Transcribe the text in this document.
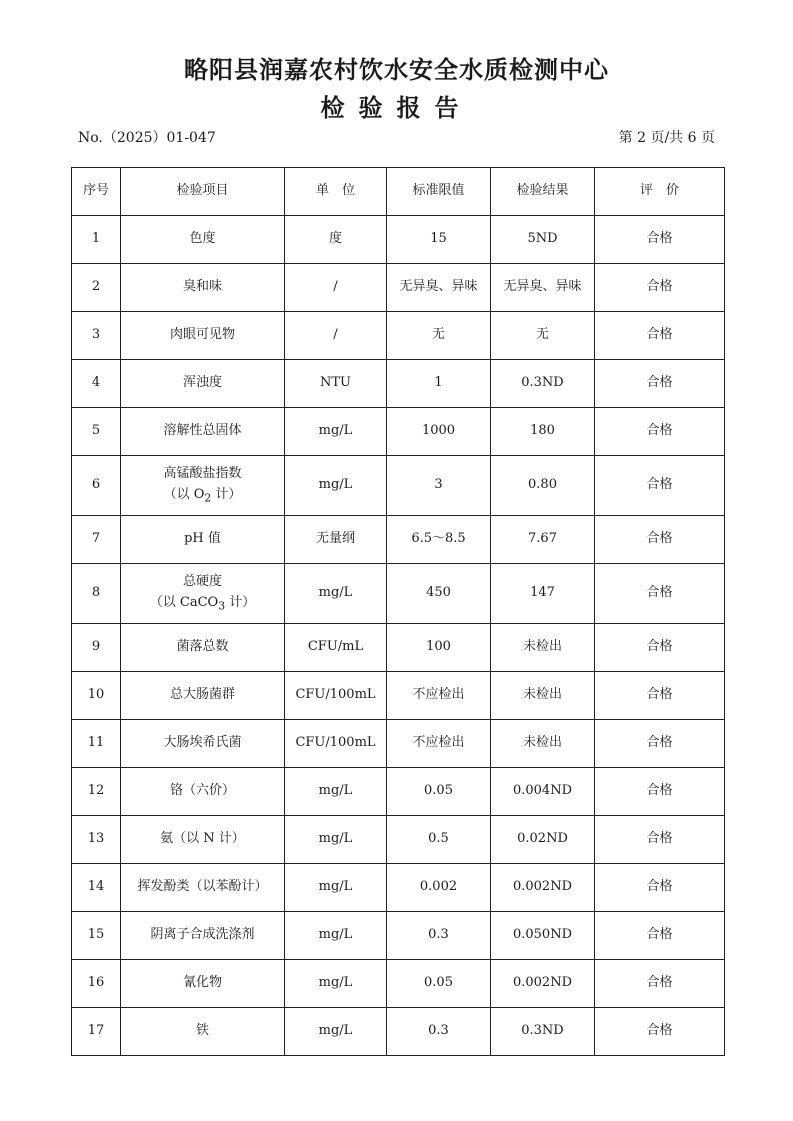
略阳县润嘉农村饮水安全水质检测中心
检验报告
No.（2025）01-047	第 2 页/共 6 页
序号	检验项目	单　位	标准限值	检验结果	评　价
1	色度	度	15	5ND	合格
2	臭和味	/	无异臭、异味	无异臭、异味	合格
3	肉眼可见物	/	无	无	合格
4	浑浊度	NTU	1	0.3ND	合格
5	溶解性总固体	mg/L	1000	180	合格
6	高锰酸盐指数
（以 $O_2$ 计）	mg/L	3	0.80	合格
7	pH 值	无量纲	6.5～8.5	7.67	合格
8	总硬度
（以 CaCO$_3$ 计）	mg/L	450	147	合格
9	菌落总数	CFU/mL	100	未检出	合格
10	总大肠菌群	CFU/100mL	不应检出	未检出	合格
11	大肠埃希氏菌	CFU/100mL	不应检出	未检出	合格
12	铬（六价）	mg/L	0.05	0.004ND	合格
13	氨（以 N 计）	mg/L	0.5	0.02ND	合格
14	挥发酚类（以苯酚计）	mg/L	0.002	0.002ND	合格
15	阴离子合成洗涤剂	mg/L	0.3	0.050ND	合格
16	氰化物	mg/L	0.05	0.002ND	合格
17	铁	mg/L	0.3	0.3ND	合格
